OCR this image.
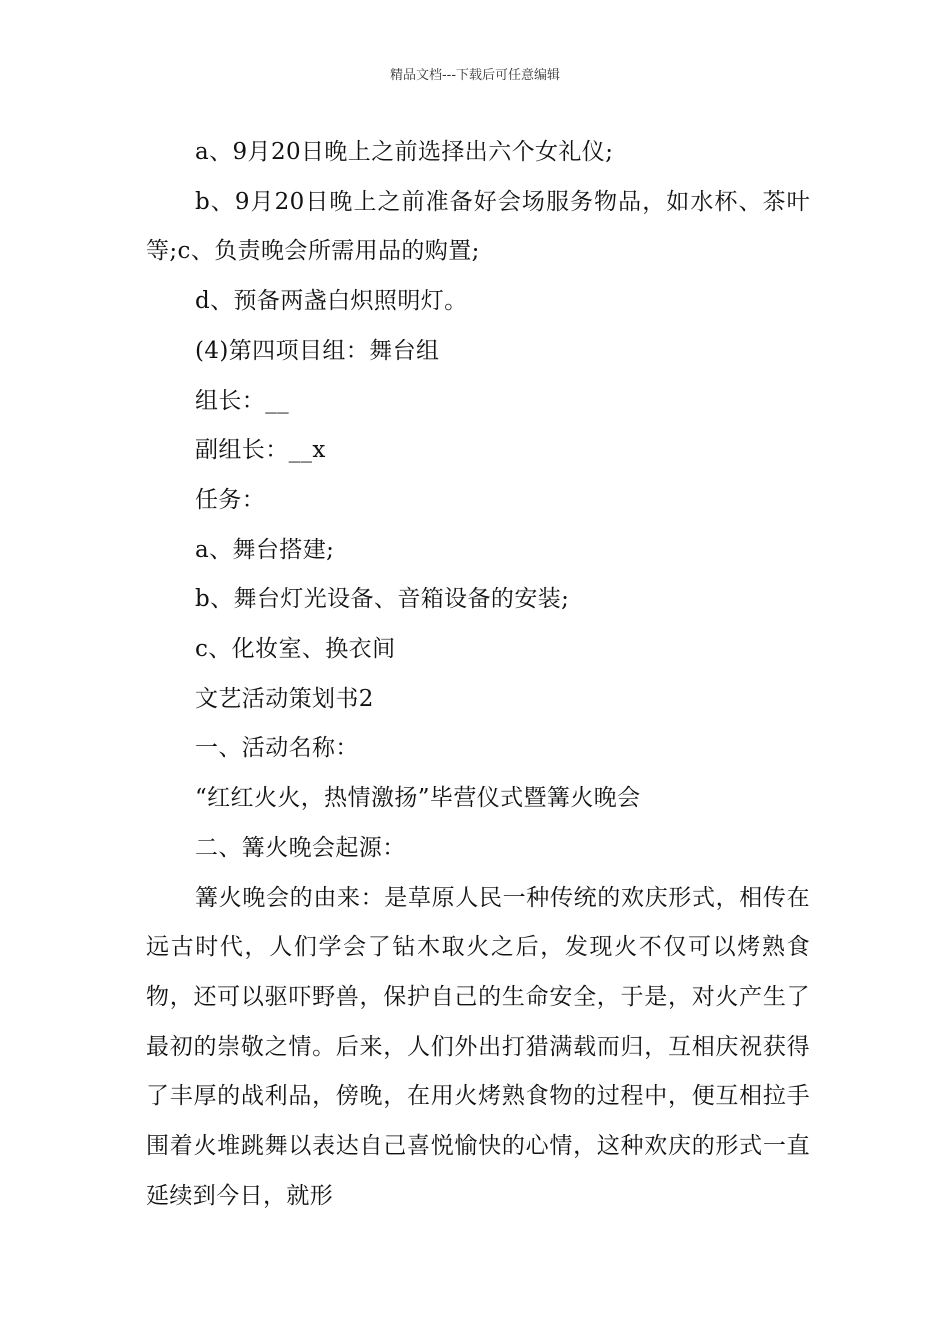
精品文档---下载后可任意编辑

a、9月20日晚上之前选择出六个女礼仪;

b、9月20日晚上之前准备好会场服务物品，如水杯、茶叶等;c、负责晚会所需用品的购置;

d、预备两盏白炽照明灯。

(4)第四项目组：舞台组

组长：__

副组长：__x

任务：

a、舞台搭建;

b、舞台灯光设备、音箱设备的安装;

c、化妆室、换衣间

文艺活动策划书2

一、活动名称：

“红红火火，热情激扬”毕营仪式暨篝火晚会

二、篝火晚会起源：

篝火晚会的由来：是草原人民一种传统的欢庆形式，相传在远古时代，人们学会了钻木取火之后，发现火不仅可以烤熟食物，还可以驱吓野兽，保护自己的生命安全，于是，对火产生了最初的崇敬之情。后来，人们外出打猎满载而归，互相庆祝获得了丰厚的战利品，傍晚，在用火烤熟食物的过程中，便互相拉手围着火堆跳舞以表达自己喜悦愉快的心情，这种欢庆的形式一直延续到今日，就形
